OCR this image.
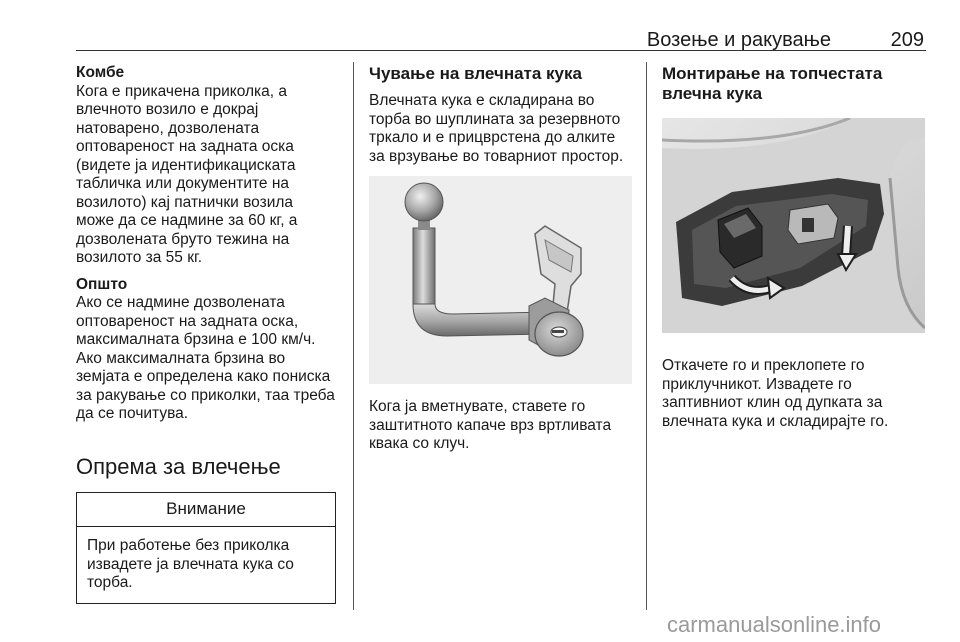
Возење и ракување	209

Комбе
Кога е прикачена приколка, а
влечното возило е докрај
натоварено, дозволената
оптовареност на задната оска
(видете ја идентификациската
табличка или документите на
возилото) кај патнички возила
може да се надмине за 60 кг, а
дозволената бруто тежина на
возилото за 55 кг.

Општо
Ако се надмине дозволената
оптовареност на задната оска,
максималната брзина е 100 км/ч.
Ако максималната брзина во
земјата е определена како пониска
за ракување со приколки, таа треба
да се почитува.

Опрема за влечење
Внимание
При работење без приколка
извадете ја влечната кука со
торба.
Чување на влечната кука

Влечната кука е складирана во
торба во шуплината за резервното
тркало и е прицврстена до алките
за врзување во товарниот простор.

Кога ја вметнувате, ставете го
заштитното капаче врз вртливата
квака со клуч.

Монтирање на топчестата
влечна кука

Откачете го и преклопете го
приклучникот. Извадете го
заптивниот клин од дупката за
влечната кука и складирајте го.

carmanualsonline.info
